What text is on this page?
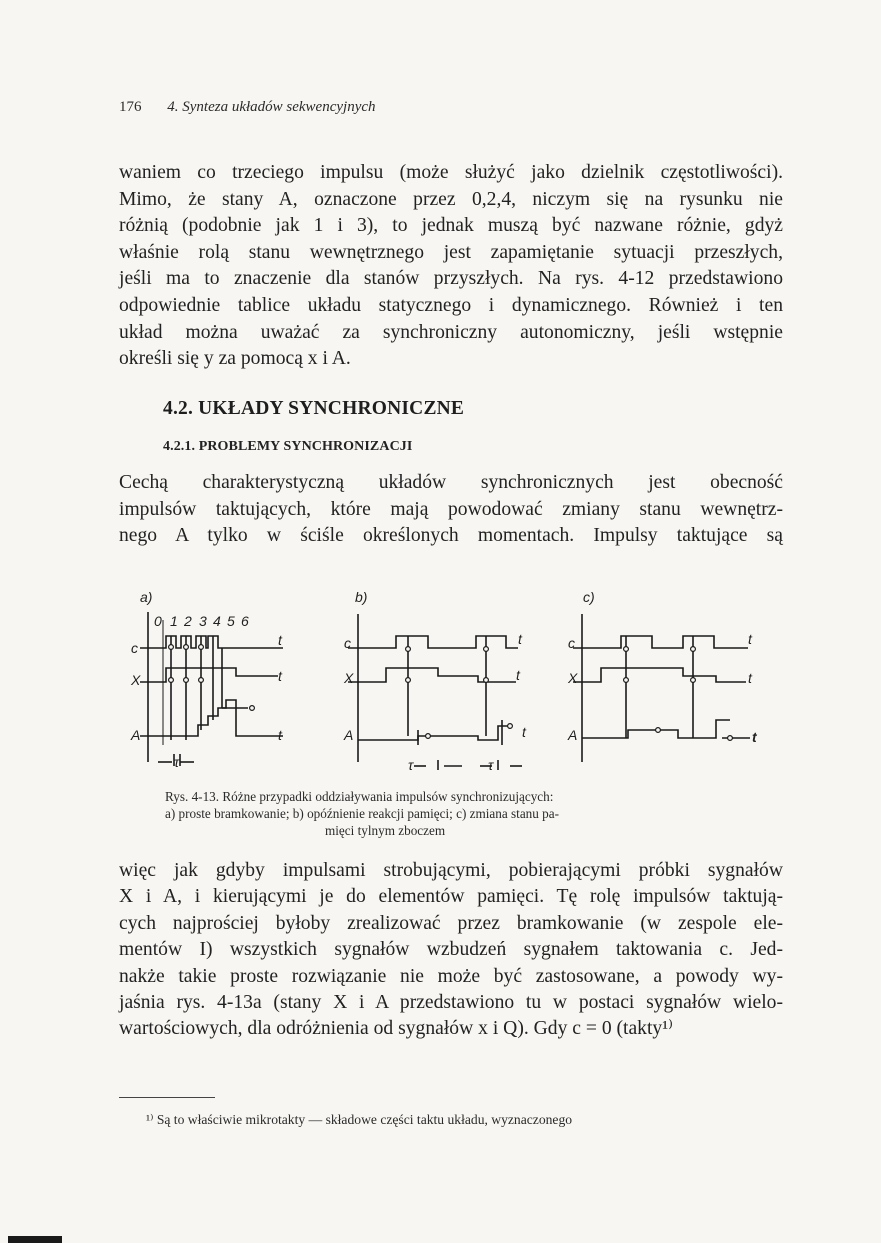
176 4. Synteza układów sekwencyjnych
waniem co trzeciego impulsu (może służyć jako dzielnik częstotliwości).
Mimo, że stany A, oznaczone przez 0,2,4, niczym się na rysunku nie
różnią (podobnie jak 1 i 3), to jednak muszą być nazwane różnie, gdyż
właśnie rolą stanu wewnętrznego jest zapamiętanie sytuacji przeszłych,
jeśli ma to znaczenie dla stanów przyszłych. Na rys. 4-12 przedstawiono
odpowiednie tablice układu statycznego i dynamicznego. Również i ten
układ można uważać za synchroniczny autonomiczny, jeśli wstępnie
określi się y za pomocą x i A.
4.2. UKŁADY SYNCHRONICZNE
4.2.1. PROBLEMY SYNCHRONIZACJI
Cechą charakterystyczną układów synchronicznych jest obecność
impulsów taktujących, które mają powodować zmiany stanu wewnętrz-
nego A tylko w ściśle określonych momentach. Impulsy taktujące są
a)	b)	c)
c
X
A
t
t
t
τ
0 1 2 3 4 5 6
c
X
A
t
t
t
τ	τ
c
X
A
t
t
t
Rys. 4-13. Różne przypadki oddziaływania impulsów synchronizujących:
a) proste bramkowanie; b) opóźnienie reakcji pamięci; c) zmiana stanu pa-
mięci tylnym zboczem
więc jak gdyby impulsami strobującymi, pobierającymi próbki sygnałów
X i A, i kierującymi je do elementów pamięci. Tę rolę impulsów taktują-
cych najprościej byłoby zrealizować przez bramkowanie (w zespole ele-
mentów I) wszystkich sygnałów wzbudzeń sygnałem taktowania c. Jed-
nakże takie proste rozwiązanie nie może być zastosowane, a powody wy-
jaśnia rys. 4-13a (stany X i A przedstawiono tu w postaci sygnałów wielo-
wartościowych, dla odróżnienia od sygnałów x i Q). Gdy c = 0 (takty¹⁾
¹⁾ Są to właściwie mikrotakty — składowe części taktu układu, wyznaczonego
